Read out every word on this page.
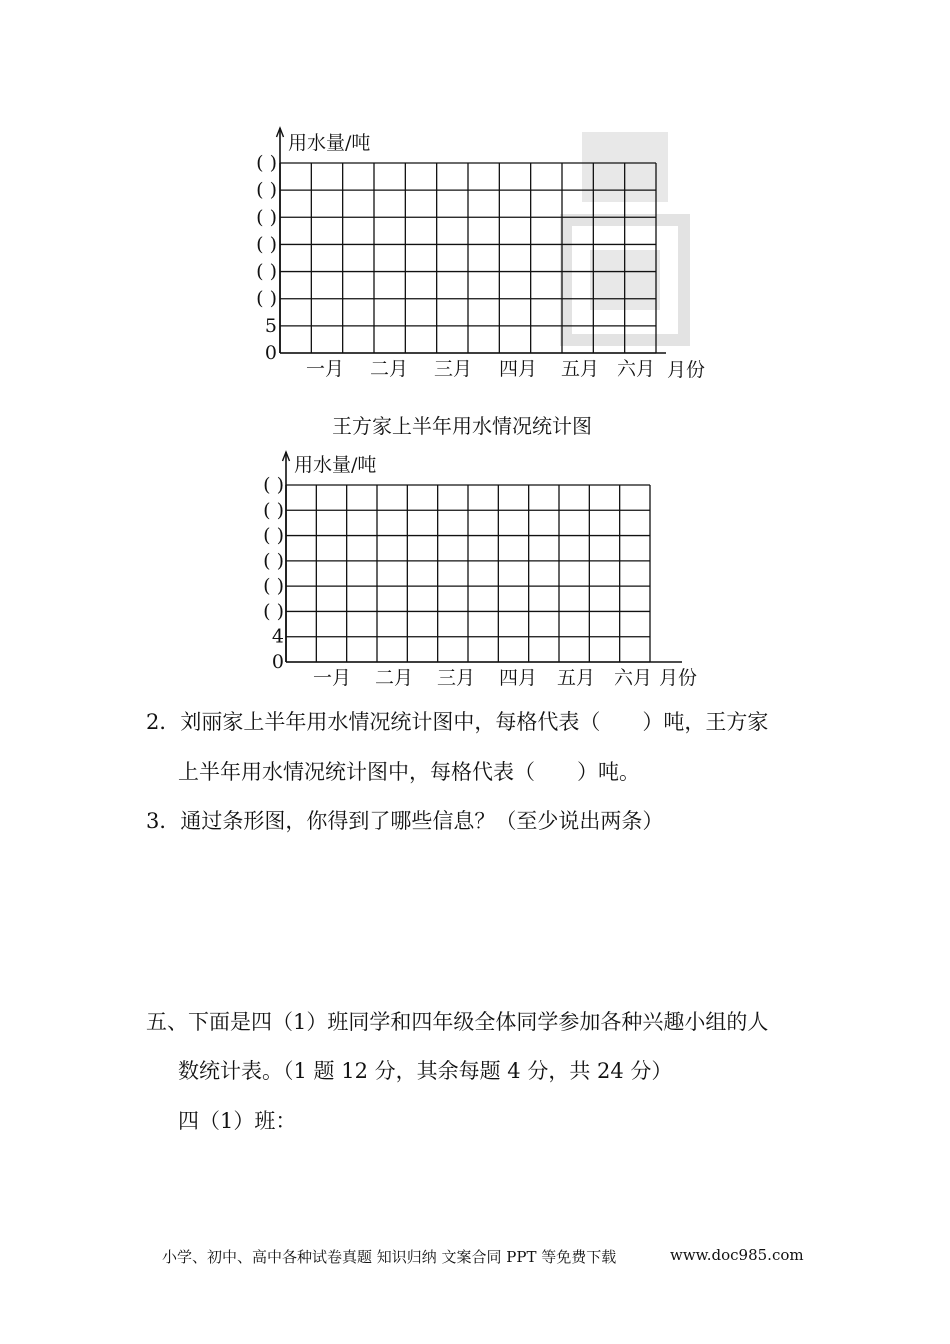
用水量/吨
0
5
( )
( )
( )
( )
( )
( )
一月 二月 三月 四月 五月 六月 月份
王方家上半年用水情况统计图
用水量/吨
0
4
( )
( )
( )
( )
( )
( )
一月 二月 三月 四月 五月 六月 月份
2．刘丽家上半年用水情况统计图中，每格代表（　　）吨，王方家
上半年用水情况统计图中，每格代表（　　）吨。
3．通过条形图，你得到了哪些信息？（至少说出两条）
五、下面是四（1）班同学和四年级全体同学参加各种兴趣小组的人
数统计表。（1 题 12 分，其余每题 4 分，共 24 分）
四（1）班：
小学、初中、高中各种试卷真题 知识归纳 文案合同 PPT 等免费下载	www.doc985.com
